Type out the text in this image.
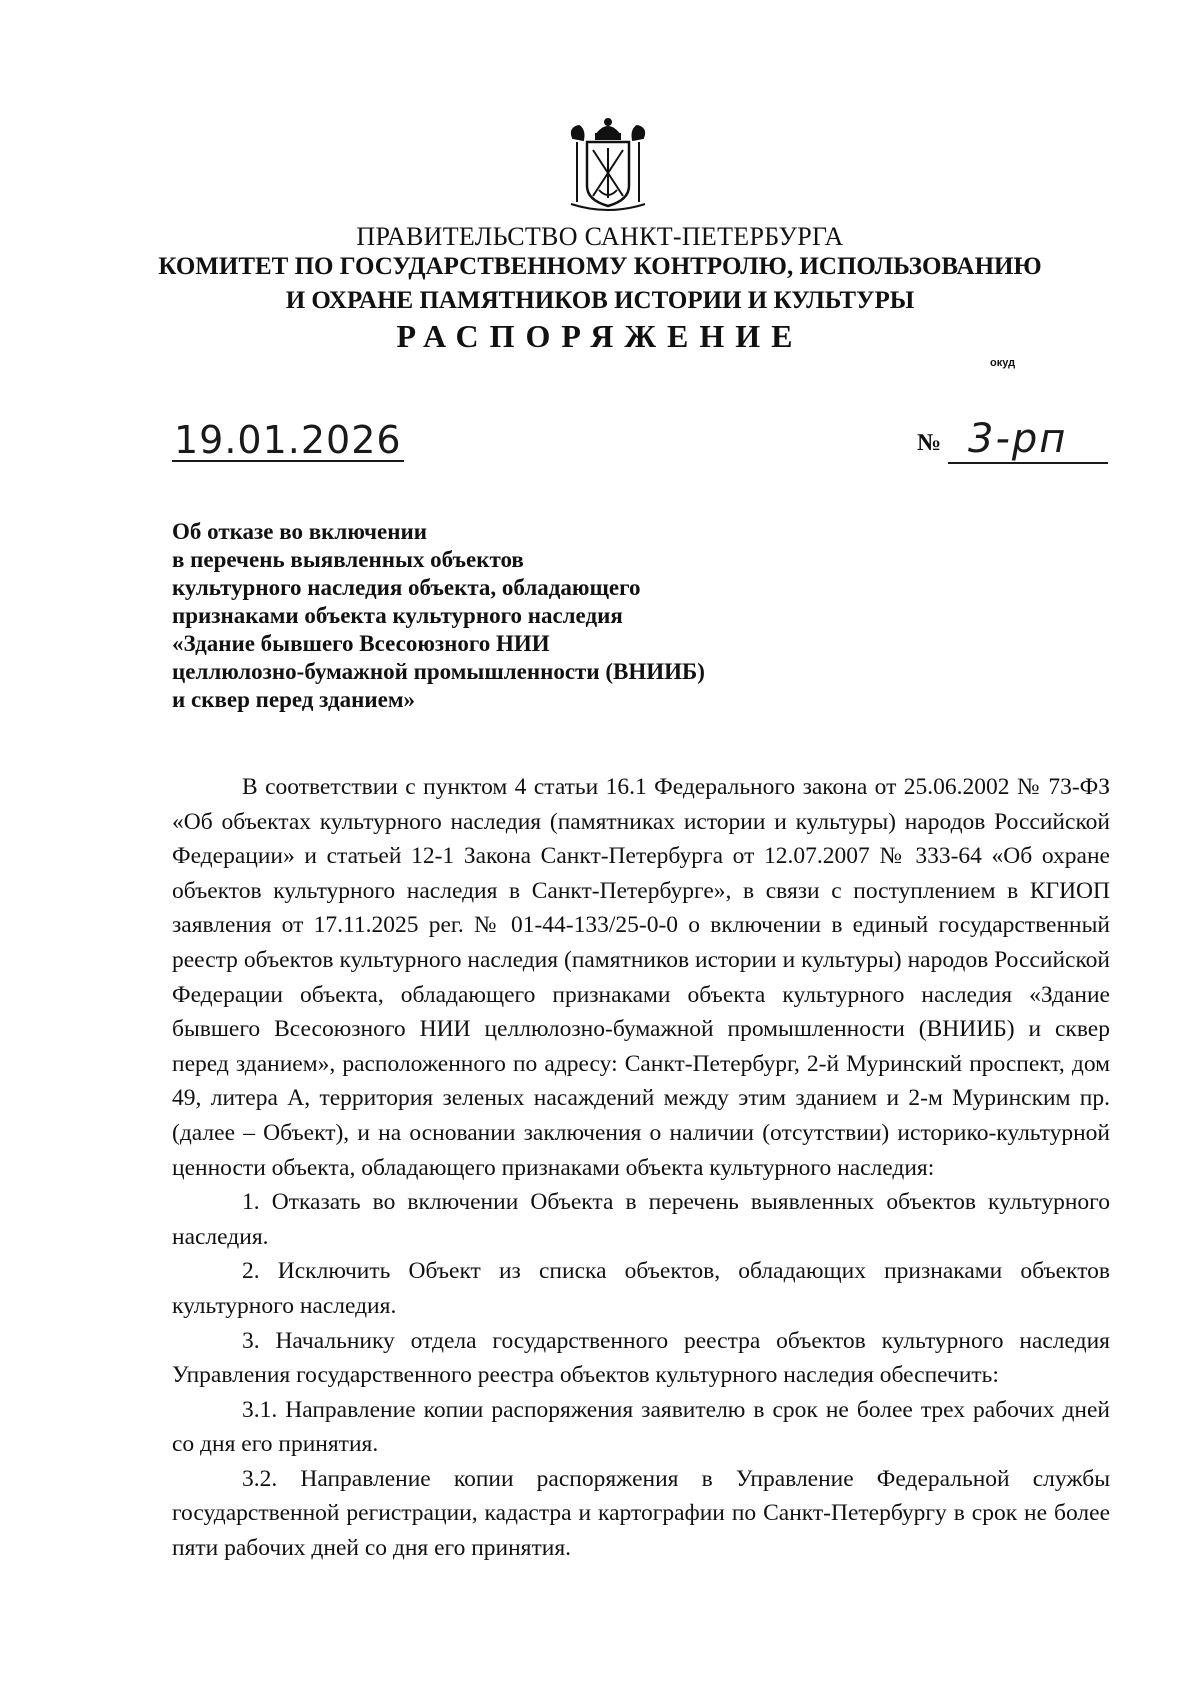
ПРАВИТЕЛЬСТВО САНКТ-ПЕТЕРБУРГА
КОМИТЕТ ПО ГОСУДАРСТВЕННОМУ КОНТРОЛЮ, ИСПОЛЬЗОВАНИЮ
И ОХРАНЕ ПАМЯТНИКОВ ИСТОРИИ И КУЛЬТУРЫ
РАСПОРЯЖЕНИЕ
окуд
19.01.2026	№ 3-рп
Об отказе во включении
в перечень выявленных объектов
культурного наследия объекта, обладающего
признаками объекта культурного наследия
«Здание бывшего Всесоюзного НИИ
целлюлозно-бумажной промышленности (ВНИИБ)
и сквер перед зданием»

В соответствии с пунктом 4 статьи 16.1 Федерального закона от 25.06.2002 № 73-ФЗ «Об объектах культурного наследия (памятниках истории и культуры) народов Российской Федерации» и статьей 12-1 Закона Санкт-Петербурга от 12.07.2007 № 333-64 «Об охране объектов культурного наследия в Санкт-Петербурге», в связи с поступлением в КГИОП заявления от 17.11.2025 рег. № 01-44-133/25-0-0 о включении в единый государственный реестр объектов культурного наследия (памятников истории и культуры) народов Российской Федерации объекта, обладающего признаками объекта культурного наследия «Здание бывшего Всесоюзного НИИ целлюлозно-бумажной промышленности (ВНИИБ) и сквер перед зданием», расположенного по адресу: Санкт-Петербург, 2-й Муринский проспект, дом 49, литера А, территория зеленых насаждений между этим зданием и 2-м Муринским пр. (далее – Объект), и на основании заключения о наличии (отсутствии) историко-культурной ценности объекта, обладающего признаками объекта культурного наследия:

1. Отказать во включении Объекта в перечень выявленных объектов культурного наследия.

2. Исключить Объект из списка объектов, обладающих признаками объектов культурного наследия.

3. Начальнику отдела государственного реестра объектов культурного наследия Управления государственного реестра объектов культурного наследия обеспечить:

3.1. Направление копии распоряжения заявителю в срок не более трех рабочих дней со дня его принятия.

3.2. Направление копии распоряжения в Управление Федеральной службы государственной регистрации, кадастра и картографии по Санкт-Петербургу в срок не более пяти рабочих дней со дня его принятия.
